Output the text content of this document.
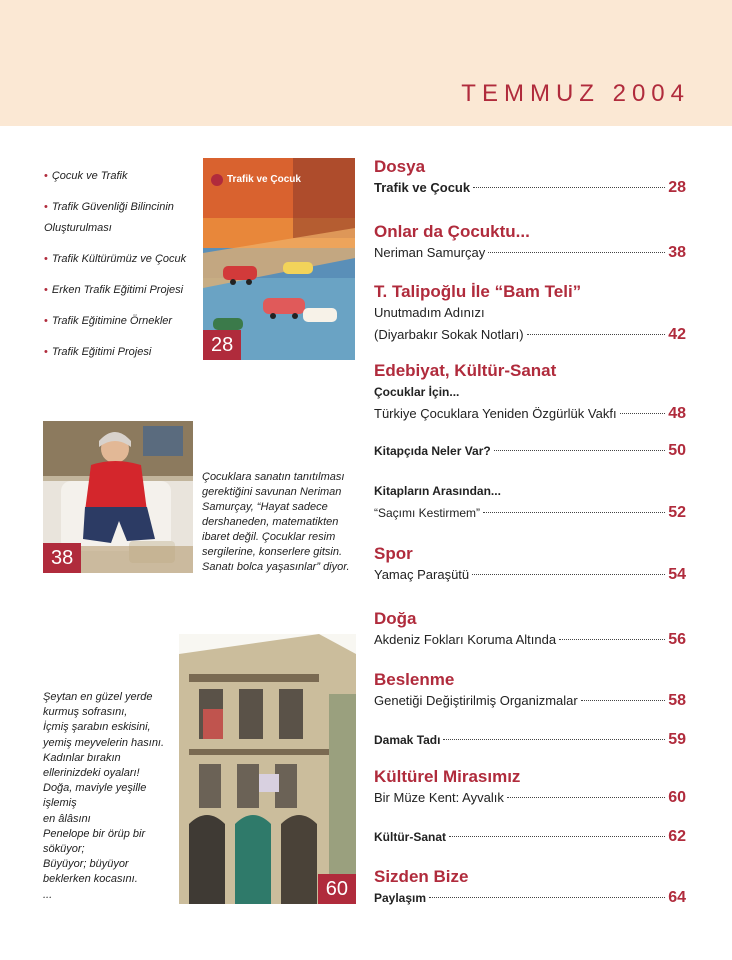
TEMMUZ 2004
• Çocuk ve Trafik
• Trafik Güvenliği Bilincinin Oluşturulması
• Trafik Kültürümüz ve Çocuk
• Erken Trafik Eğitimi Projesi
• Trafik Eğitimine Örnekler
• Trafik Eğitimi Projesi
Trafik ve Çocuk
28
38
Çocuklara sanatın tanıtılması gerektiğini savunan Neriman Samurçay, “Hayat sadece dershaneden, matematikten ibaret değil. Çocuklar resim sergilerine, konserlere gitsin. Sanatı bolca yaşasınlar” diyor.
Şeytan en güzel yerde
kurmuş sofrasını,
İçmiş şarabın eskisini,
yemiş meyvelerin hasını.
Kadınlar bırakın
ellerinizdeki oyaları!
Doğa, maviyle yeşille
işlemiş
en âlâsını
Penelope bir örüp bir
söküyor;
Büyüyor; büyüyor
beklerken kocasını.
...	60
Dosya
Trafik ve Çocuk	28
Onlar da Çocuktu...
Neriman Samurçay	38
T. Talipoğlu İle “Bam Teli”
Unutmadım Adınızı
(Diyarbakır Sokak Notları)	42
Edebiyat, Kültür-Sanat
Çocuklar İçin...
Türkiye Çocuklara Yeniden Özgürlük Vakfı	48
Kitapçıda Neler Var?	50
Kitapların Arasından...
“Saçımı Kestirmem”	52
Spor
Yamaç Paraşütü	54
Doğa
Akdeniz Fokları Koruma Altında	56
Beslenme
Genetiği Değiştirilmiş Organizmalar	58
Damak Tadı	59
Kültürel Mirasımız
Bir Müze Kent: Ayvalık	60
Kültür-Sanat	62
Sizden Bize
Paylaşım	64
